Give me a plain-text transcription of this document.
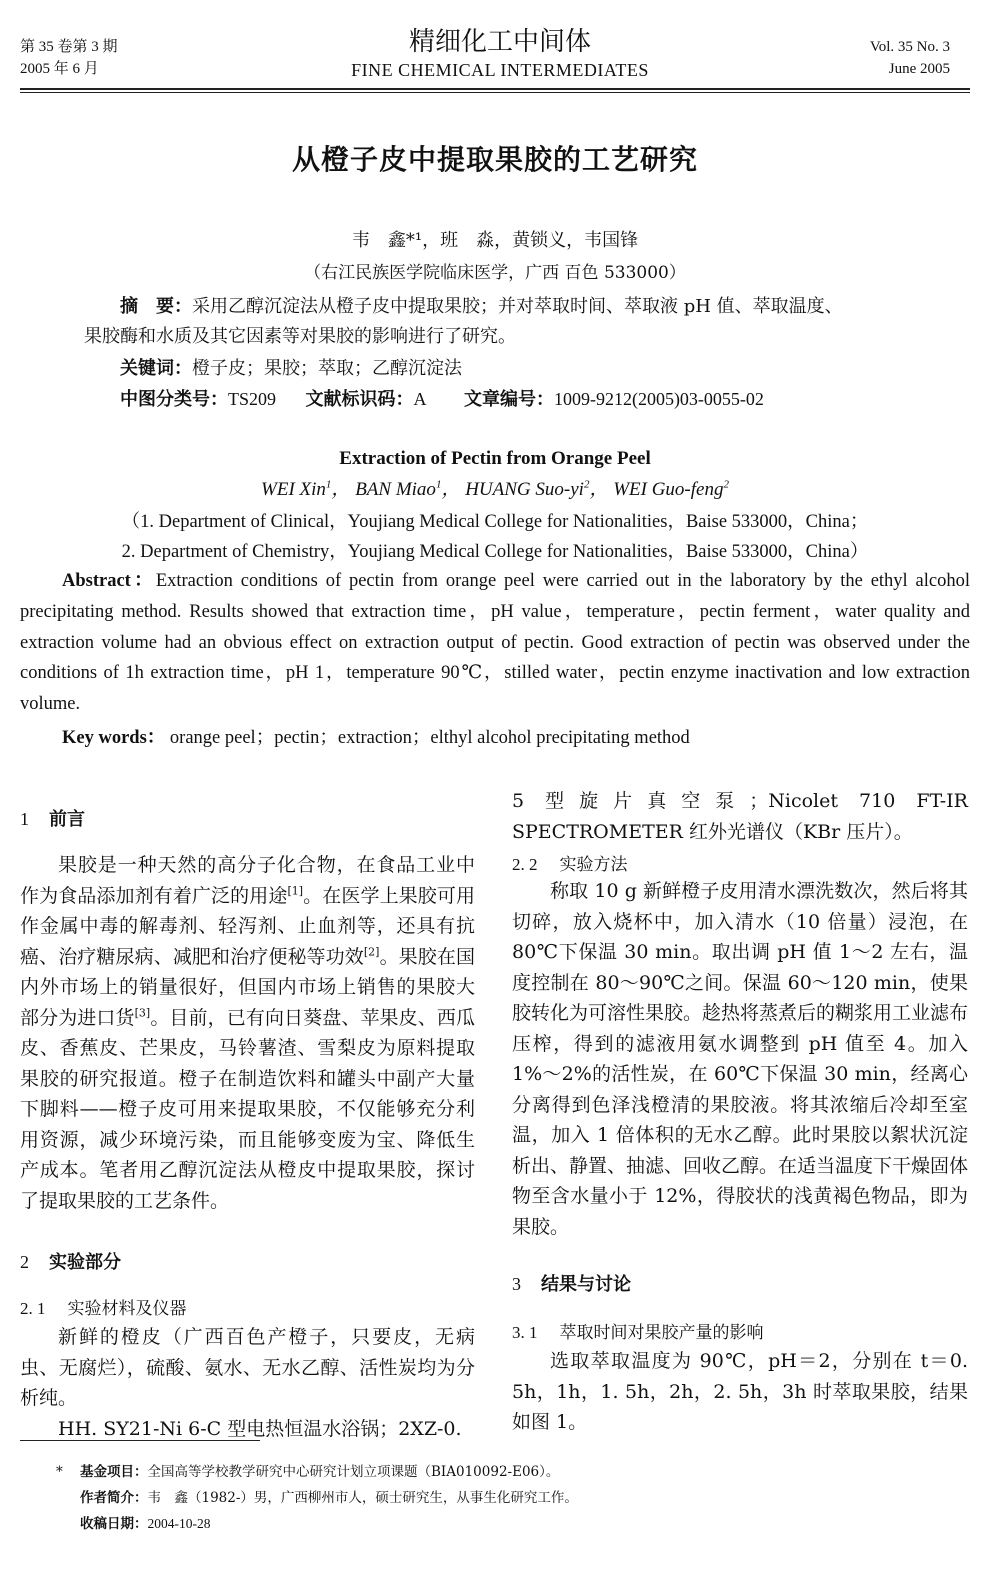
第 35 卷第 3 期
2005 年 6 月
精细化工中间体
FINE CHEMICAL INTERMEDIATES
Vol. 35 No. 3
June 2005
从橙子皮中提取果胶的工艺研究
韦　鑫*¹，班　淼，黄锁义，韦国锋
（右江民族医学院临床医学，广西 百色 533000）
摘　要：采用乙醇沉淀法从橙子皮中提取果胶；并对萃取时间、萃取液 pH 值、萃取温度、
果胶酶和水质及其它因素等对果胶的影响进行了研究。
关键词：橙子皮；果胶；萃取；乙醇沉淀法
中图分类号：TS209 文献标识码：A 文章编号：1009-9212(2005)03-0055-02
Extraction of Pectin from Orange Peel
WEI Xin$^1$， BAN Miao$^1$， HUANG Suo-$yi^2$， WEI Guo-feng$^2$
（1. Department of Clinical，Youjiang Medical College for Nationalities，Baise 533000，China；
2. Department of Chemistry，Youjiang Medical College for Nationalities，Baise 533000，China）
Abstract：Extraction conditions of pectin from orange peel were carried out in the laboratory by the ethyl alcohol precipitating method. Results showed that extraction time，pH value，temperature，pectin ferment，water quality and extraction volume had an obvious effect on extraction output of pectin. Good extraction of pectin was observed under the conditions of 1h extraction time，pH 1，temperature 90℃，stilled water，pectin enzyme inactivation and low extraction volume.
Key words： orange peel；pectin；extraction；elthyl alcohol precipitating method
1 前言

果胶是一种天然的高分子化合物，在食品工业中作为食品添加剂有着广泛的用途[1]。在医学上果胶可用作金属中毒的解毒剂、轻泻剂、止血剂等，还具有抗癌、治疗糖尿病、减肥和治疗便秘等功效[2]。果胶在国内外市场上的销量很好，但国内市场上销售的果胶大部分为进口货[3]。目前，已有向日葵盘、苹果皮、西瓜皮、香蕉皮、芒果皮，马铃薯渣、雪梨皮为原料提取果胶的研究报道。橙子在制造饮料和罐头中副产大量下脚料——橙子皮可用来提取果胶，不仅能够充分利用资源，减少环境污染，而且能够变废为宝、降低生产成本。笔者用乙醇沉淀法从橙皮中提取果胶，探讨了提取果胶的工艺条件。

2 实验部分
2. 1 实验材料及仪器

新鲜的橙皮（广西百色产橙子，只要皮，无病虫、无腐烂），硫酸、氨水、无水乙醇、活性炭均为分析纯。

HH. SY21-Ni 6-C 型电热恒温水浴锅；2XZ-0.

5 型旋片真空泵；Nicolet 710 FT-IR SPECTROMETER 红外光谱仪（KBr 压片）。

2. 2 实验方法

称取 10 g 新鲜橙子皮用清水漂洗数次，然后将其切碎，放入烧杯中，加入清水（10 倍量）浸泡，在 80℃下保温 30 min。取出调 pH 值 1～2 左右，温度控制在 80～90℃之间。保温 60～120 min，使果胶转化为可溶性果胶。趁热将蒸煮后的糊浆用工业滤布压榨，得到的滤液用氨水调整到 pH 值至 4。加入 1%～2%的活性炭，在 60℃下保温 30 min，经离心分离得到色泽浅橙清的果胶液。将其浓缩后冷却至室温，加入 1 倍体积的无水乙醇。此时果胶以絮状沉淀析出、静置、抽滤、回收乙醇。在适当温度下干燥固体物至含水量小于 12%，得胶状的浅黄褐色物品，即为果胶。

3 结果与讨论
3. 1 萃取时间对果胶产量的影响

选取萃取温度为 90℃，pH＝2，分别在 t＝0. 5h，1h，1. 5h，2h，2. 5h，3h 时萃取果胶，结果如图 1。

* 基金项目：全国高等学校教学研究中心研究计划立项课题（BIA010092-E06）。
作者简介：韦　鑫（1982-）男，广西柳州市人，硕士研究生，从事生化研究工作。
收稿日期：2004-10-28
